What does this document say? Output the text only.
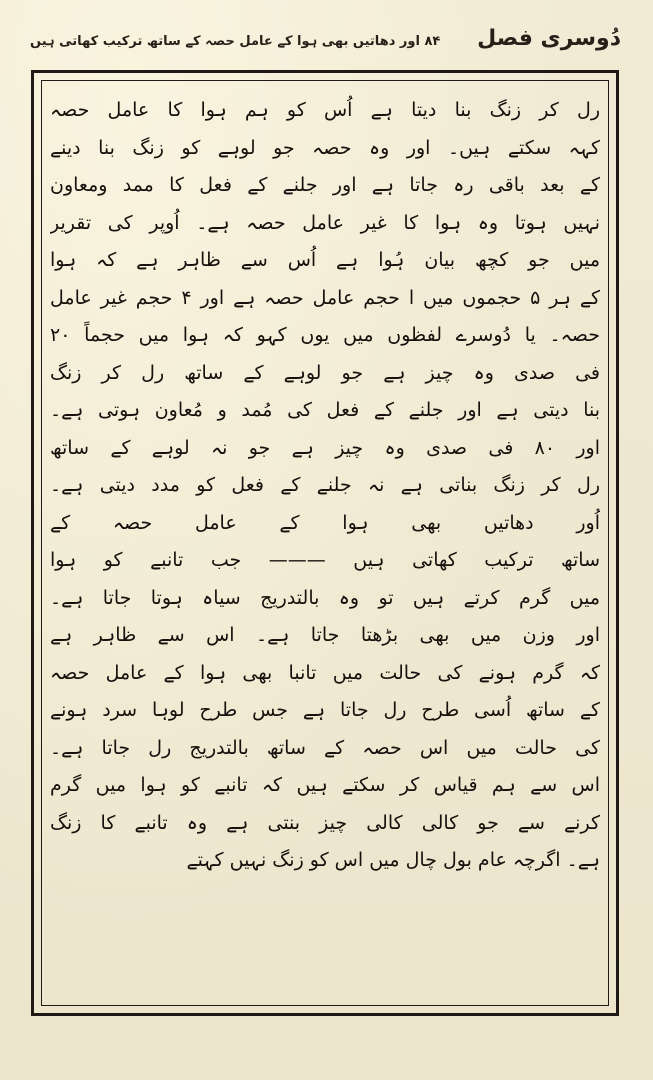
دُوسری فصل
۸۴ اور دھاتیں بھی ہوا کے عامل حصہ کے ساتھ ترکیب کھاتی ہیں
رل کر زنگ بنا دیتا ہے اُس کو ہم ہوا کا عامل حصہ
کہہ سکتے ہیں۔ اور وہ حصہ جو لوہے کو زنگ بنا دینے
کے بعد باقی رہ جاتا ہے اور جلنے کے فعل کا ممد ومعاون
نہیں ہوتا وہ ہوا کا غیر عامل حصہ ہے۔ اُوپر کی تقریر
میں جو کچھ بیان ہُوا ہے اُس سے ظاہر ہے کہ ہوا
کے ہر ۵ حجموں میں ا حجم عامل حصہ ہے اور ۴ حجم غیر عامل
حصہ۔ یا دُوسرے لفظوں میں یوں کہو کہ ہوا میں حجماً ۲۰
فی صدی وہ چیز ہے جو لوہے کے ساتھ رل کر زنگ
بنا دیتی ہے اور جلنے کے فعل کی مُمد و مُعاون ہوتی ہے۔
اور ۸۰ فی صدی وہ چیز ہے جو نہ لوہے کے ساتھ
رل کر زنگ بناتی ہے نہ جلنے کے فعل کو مدد دیتی ہے۔
اُور دھاتیں بھی ہوا کے عامل حصہ کے
ساتھ ترکیب کھاتی ہیں ——— جب تانبے کو ہوا
میں گرم کرتے ہیں تو وہ بالتدریج سیاہ ہوتا جاتا ہے۔
اور وزن میں بھی بڑھتا جاتا ہے۔ اس سے ظاہر ہے
کہ گرم ہونے کی حالت میں تانبا بھی ہوا کے عامل حصہ
کے ساتھ اُسی طرح رل جاتا ہے جس طرح لوہا سرد ہونے
کی حالت میں اس حصہ کے ساتھ بالتدریج رل جاتا ہے۔
اس سے ہم قیاس کر سکتے ہیں کہ تانبے کو ہوا میں گرم
کرنے سے جو کالی کالی چیز بنتی ہے وہ تانبے کا زنگ
ہے۔ اگرچہ عام بول چال میں اس کو زنگ نہیں کہتے
